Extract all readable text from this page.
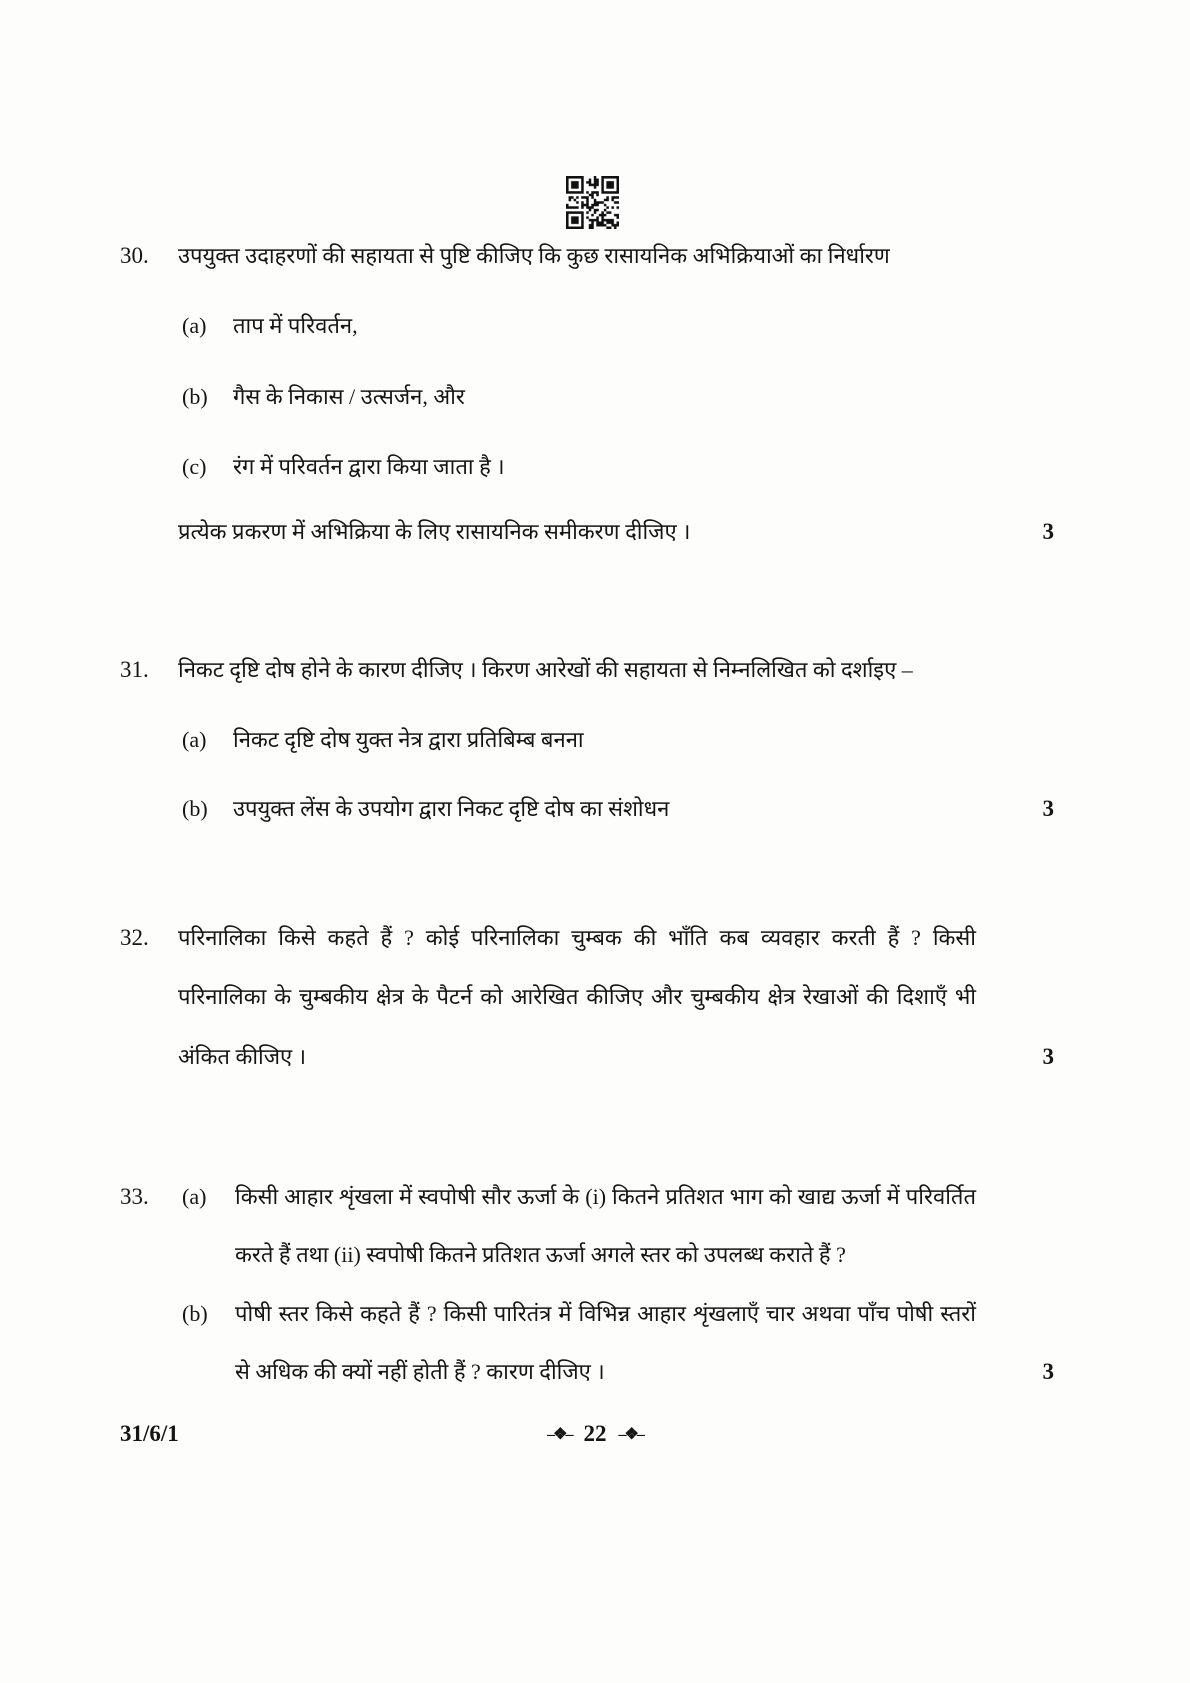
30. उपयुक्त उदाहरणों की सहायता से पुष्टि कीजिए कि कुछ रासायनिक अभिक्रियाओं का निर्धारण
(a) ताप में परिवर्तन,
(b) गैस के निकास / उत्सर्जन, और
(c) रंग में परिवर्तन द्वारा किया जाता है ।
प्रत्येक प्रकरण में अभिक्रिया के लिए रासायनिक समीकरण दीजिए ।	3
31. निकट दृष्टि दोष होने के कारण दीजिए । किरण आरेखों की सहायता से निम्नलिखित को दर्शाइए –
(a) निकट दृष्टि दोष युक्त नेत्र द्वारा प्रतिबिम्ब बनना
(b) उपयुक्त लेंस के उपयोग द्वारा निकट दृष्टि दोष का संशोधन	3
32. परिनालिका किसे कहते हैं ? कोई परिनालिका चुम्बक की भाँति कब व्यवहार करती हैं ? किसी
परिनालिका के चुम्बकीय क्षेत्र के पैटर्न को आरेखित कीजिए और चुम्बकीय क्षेत्र रेखाओं की दिशाएँ भी
अंकित कीजिए ।	3
33. (a) किसी आहार शृंखला में स्वपोषी सौर ऊर्जा के (i) कितने प्रतिशत भाग को खाद्य ऊर्जा में परिवर्तित
करते हैं तथा (ii) स्वपोषी कितने प्रतिशत ऊर्जा अगले स्तर को उपलब्ध कराते हैं ?
(b) पोषी स्तर किसे कहते हैं ? किसी पारितंत्र में विभिन्न आहार शृंखलाएँ चार अथवा पाँच पोषी स्तरों
से अधिक की क्यों नहीं होती हैं ? कारण दीजिए ।	3
31/6/1	–❖– 22 –❖–
